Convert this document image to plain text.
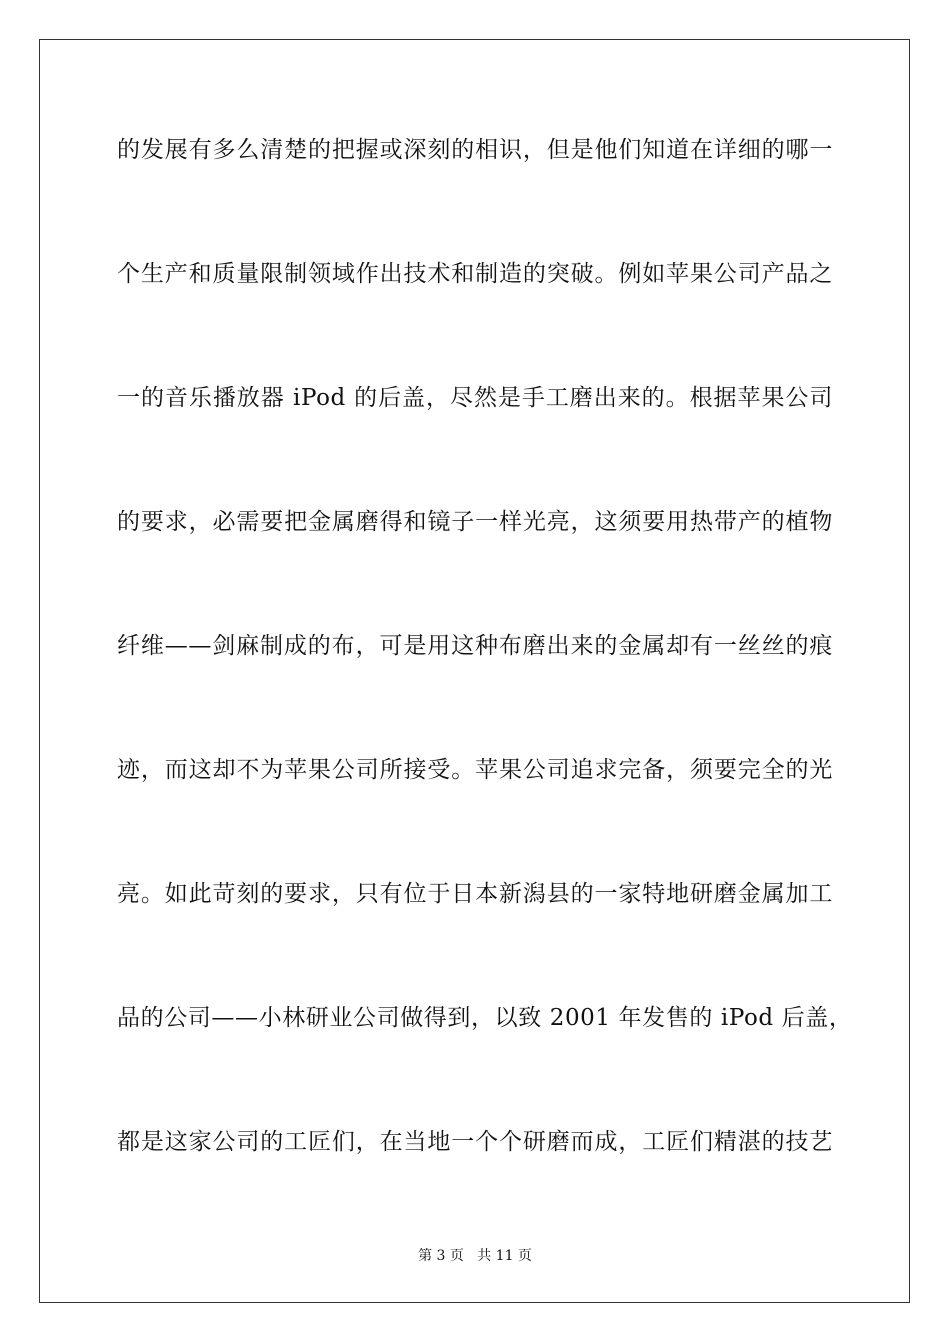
的发展有多么清楚的把握或深刻的相识，但是他们知道在详细的哪一
个生产和质量限制领域作出技术和制造的突破。例如苹果公司产品之
一的音乐播放器 iPod 的后盖，尽然是手工磨出来的。根据苹果公司
的要求，必需要把金属磨得和镜子一样光亮，这须要用热带产的植物
纤维——剑麻制成的布，可是用这种布磨出来的金属却有一丝丝的痕
迹，而这却不为苹果公司所接受。苹果公司追求完备，须要完全的光
亮。如此苛刻的要求，只有位于日本新潟县的一家特地研磨金属加工
品的公司——小林研业公司做得到，以致 2001 年发售的 iPod 后盖，
都是这家公司的工匠们，在当地一个个研磨而成，工匠们精湛的技艺
第 3 页   共 11 页
